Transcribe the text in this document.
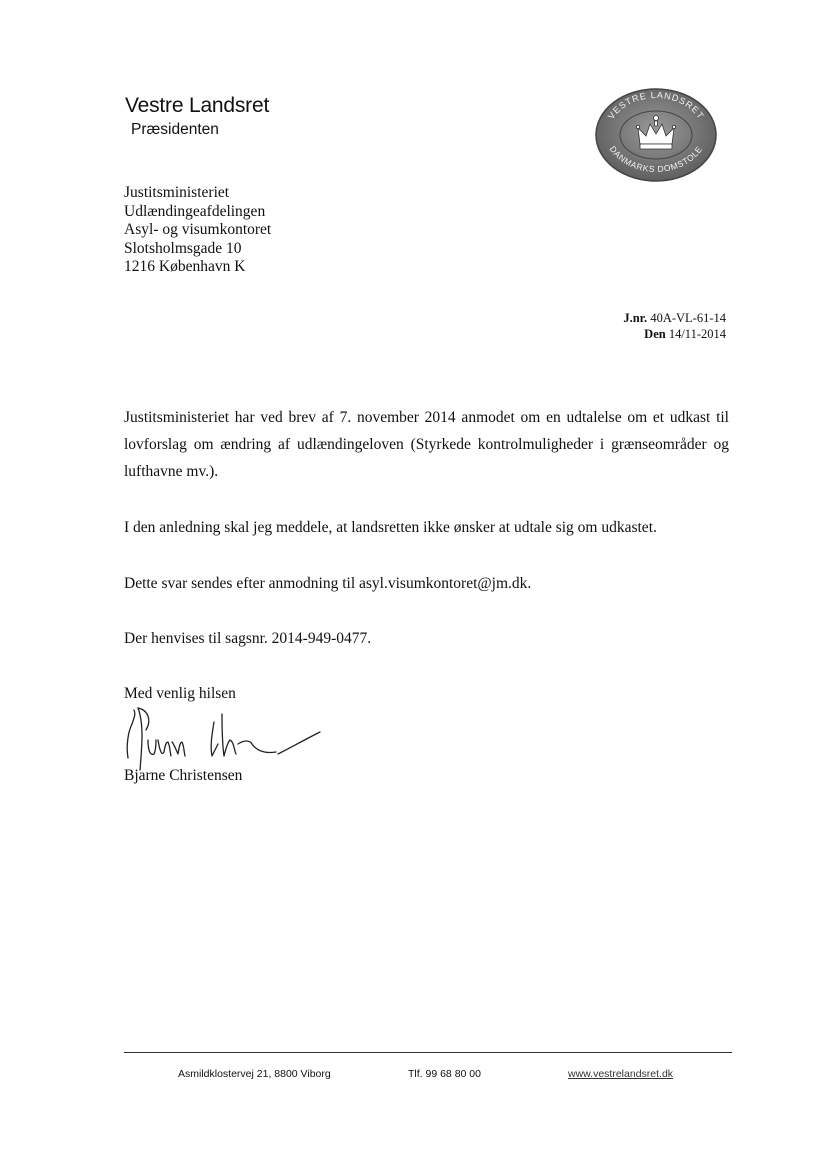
Vestre Landsret
Præsidenten
VESTRE LANDSRET
DANMARKS DOMSTOLE
Justitsministeriet
Udlændingeafdelingen
Asyl- og visumkontoret
Slotsholmsgade 10
1216 København K
J.nr. 40A-VL-61-14
Den 14/11-2014

Justitsministeriet har ved brev af 7. november 2014 anmodet om en udtalelse om et udkast til lovforslag om ændring af udlændingeloven (Styrkede kontrolmuligheder i grænseområder og lufthavne mv.).

I den anledning skal jeg meddele, at landsretten ikke ønsker at udtale sig om udkastet.

Dette svar sendes efter anmodning til asyl.visumkontoret@jm.dk.

Der henvises til sagsnr. 2014-949-0477.

Med venlig hilsen

Bjarne Christensen
Asmildklostervej 21, 8800 Viborg	Tlf. 99 68 80 00	www.vestrelandsret.dk
